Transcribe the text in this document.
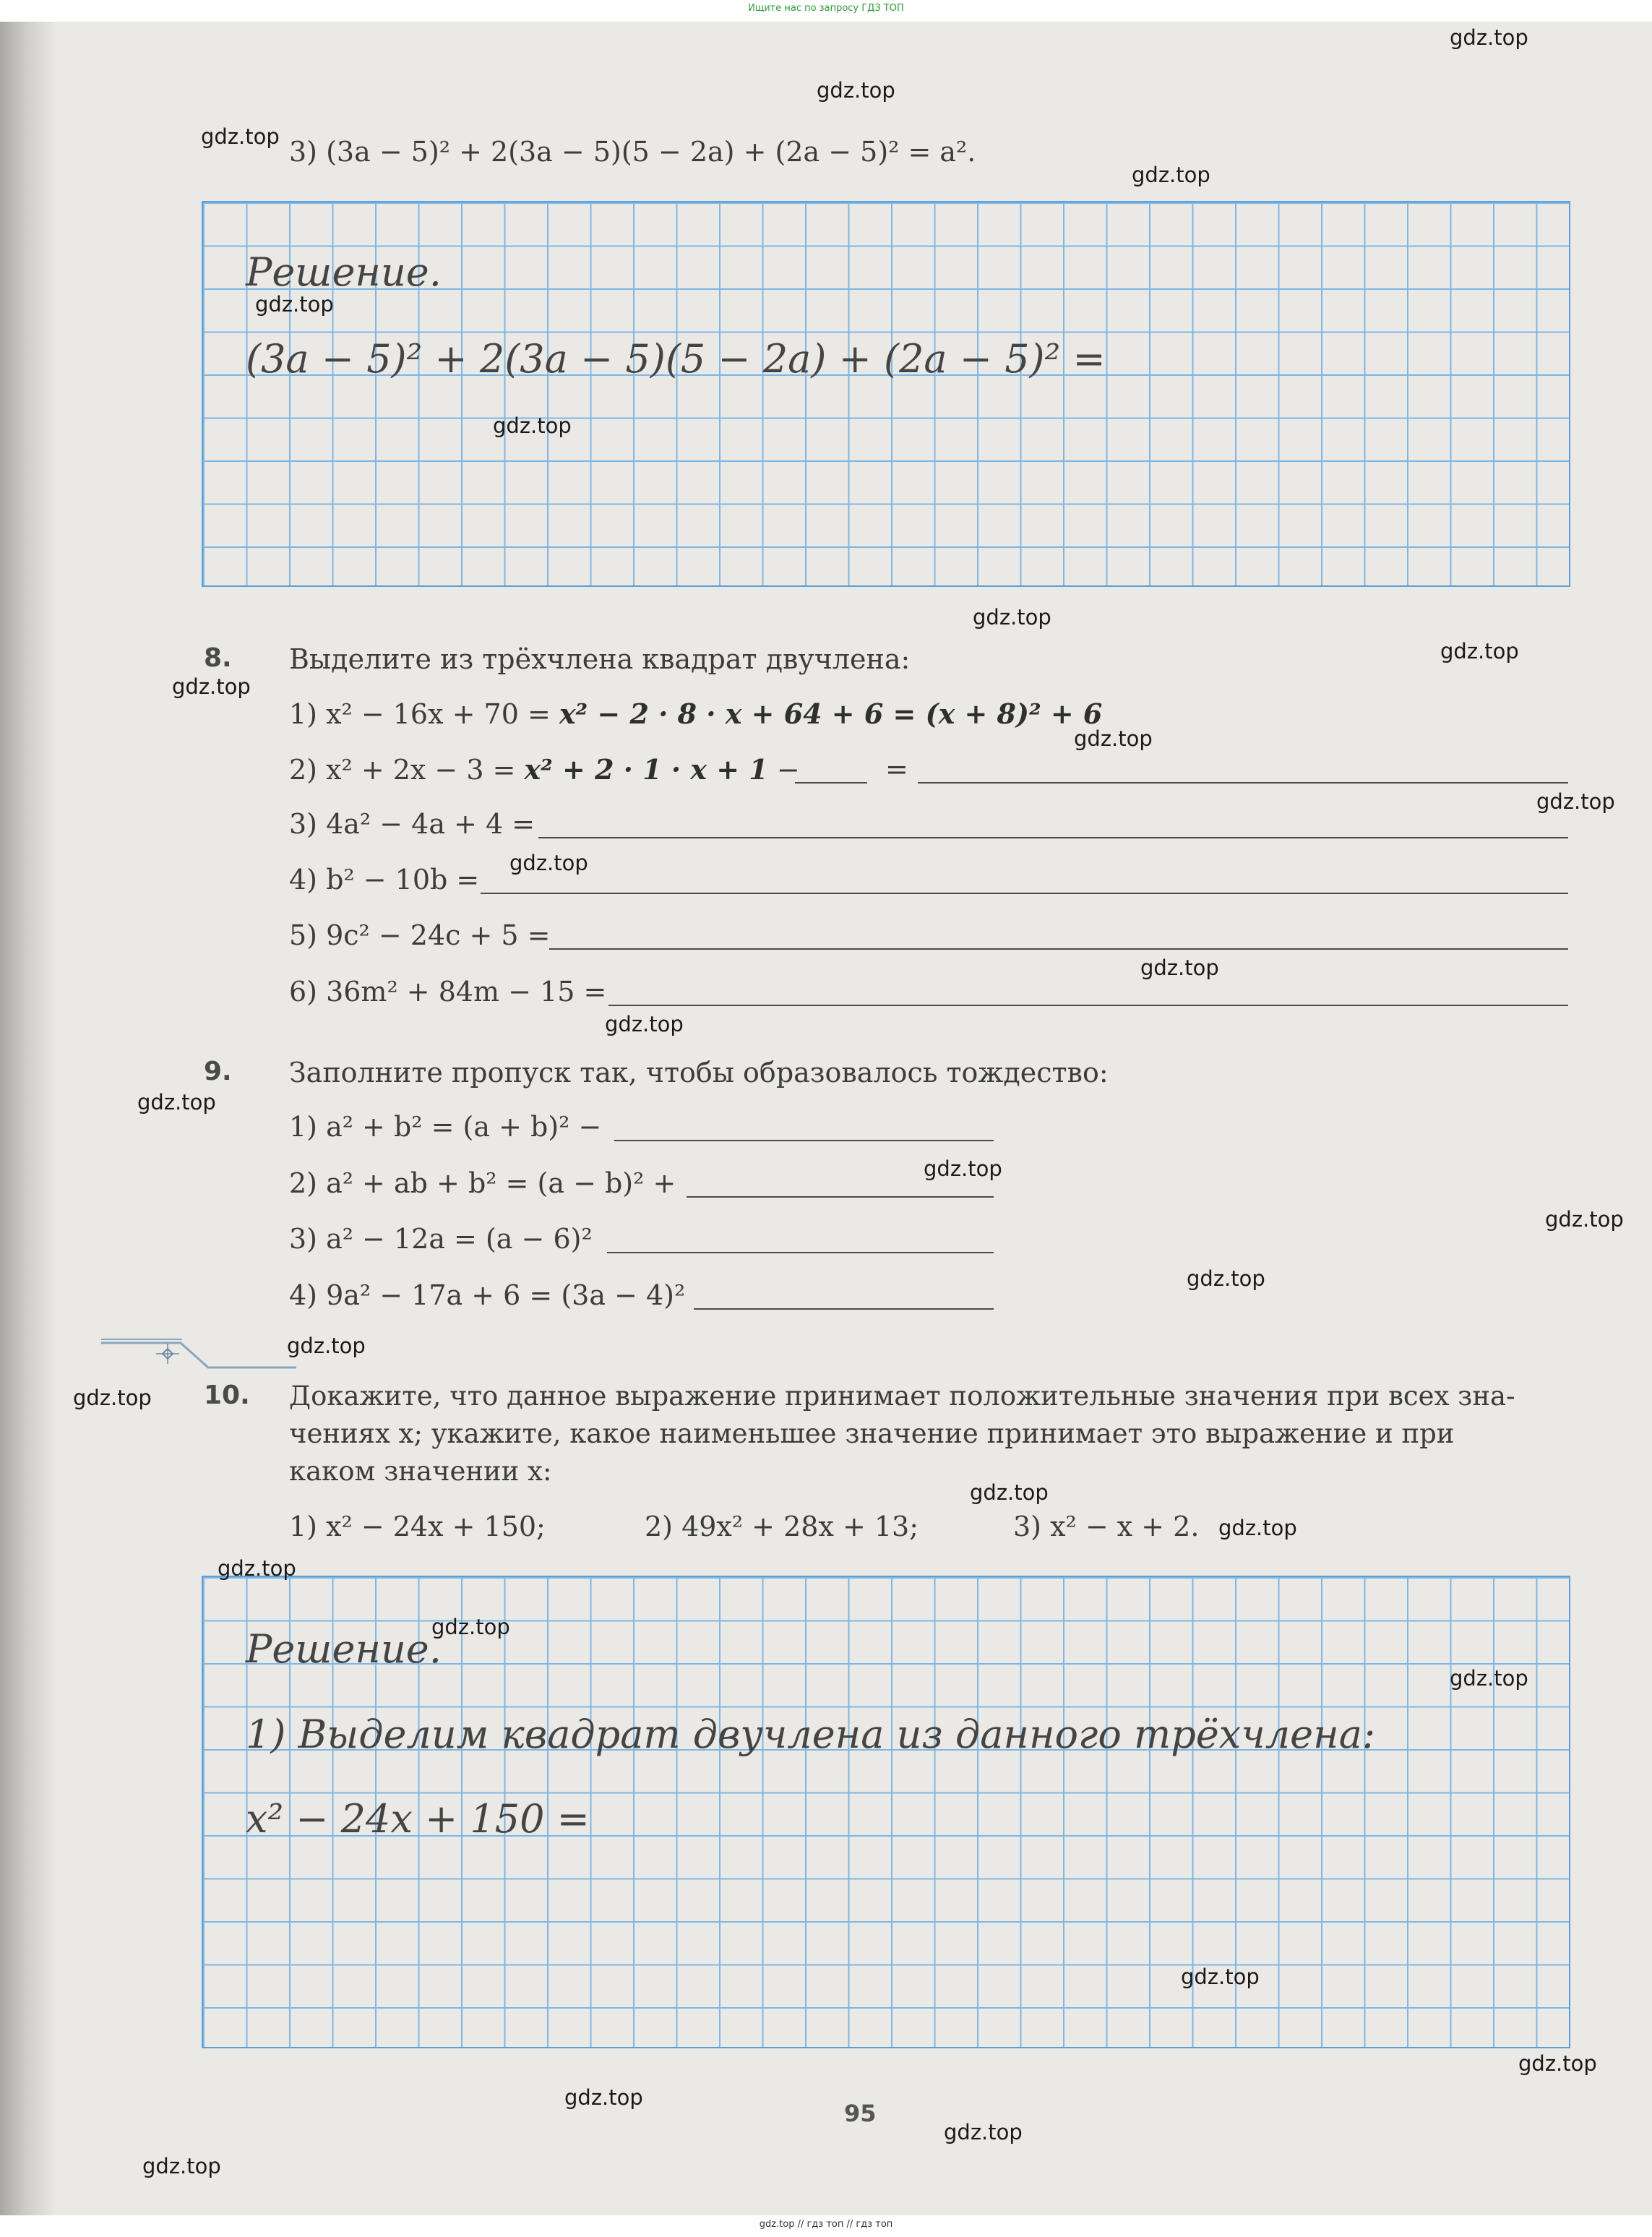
Ищите нас по запросу ГДЗ ТОП
3) (3a − 5)² + 2(3a − 5)(5 − 2a) + (2a − 5)² = a².
Решение.
(3a − 5)² + 2(3a − 5)(5 − 2a) + (2a − 5)² =
8. Выделите из трёхчлена квадрат двучлена:
1) x² − 16x + 70 = x² − 2 · 8 · x + 64 + 6 = (x + 8)² + 6
2) x² + 2x − 3 = x² + 2 · 1 · x + 1 −	=
3) 4a² − 4a + 4 =
4) b² − 10b =
5) 9c² − 24c + 5 =
6) 36m² + 84m − 15 =
9. Заполните пропуск так, чтобы образовалось тождество:
1) a² + b² = (a + b)² −
2) a² + ab + b² = (a − b)² +
3) a² − 12a = (a − 6)²
4) 9a² − 17a + 6 = (3a − 4)²
10. Докажите, что данное выражение принимает положительные значения при всех зна-
чениях x; укажите, какое наименьшее значение принимает это выражение и при
каком значении x:
1) x² − 24x + 150;	2) 49x² + 28x + 13;	3) x² − x + 2.
Решение.
1) Выделим квадрат двучлена из данного трёхчлена:
x² − 24x + 150 =
95
gdz.top
gdz.top
gdz.top
gdz.top
gdz.top
gdz.top
gdz.top
gdz.top
gdz.top
gdz.top
gdz.top
gdz.top
gdz.top
gdz.top
gdz.top
gdz.top
gdz.top
gdz.top
gdz.top
gdz.top
gdz.top
gdz.top
gdz.top
gdz.top
gdz.top
gdz.top
gdz.top
gdz.top
gdz.top
gdz.top
gdz.top // гдз топ // гдз топ
